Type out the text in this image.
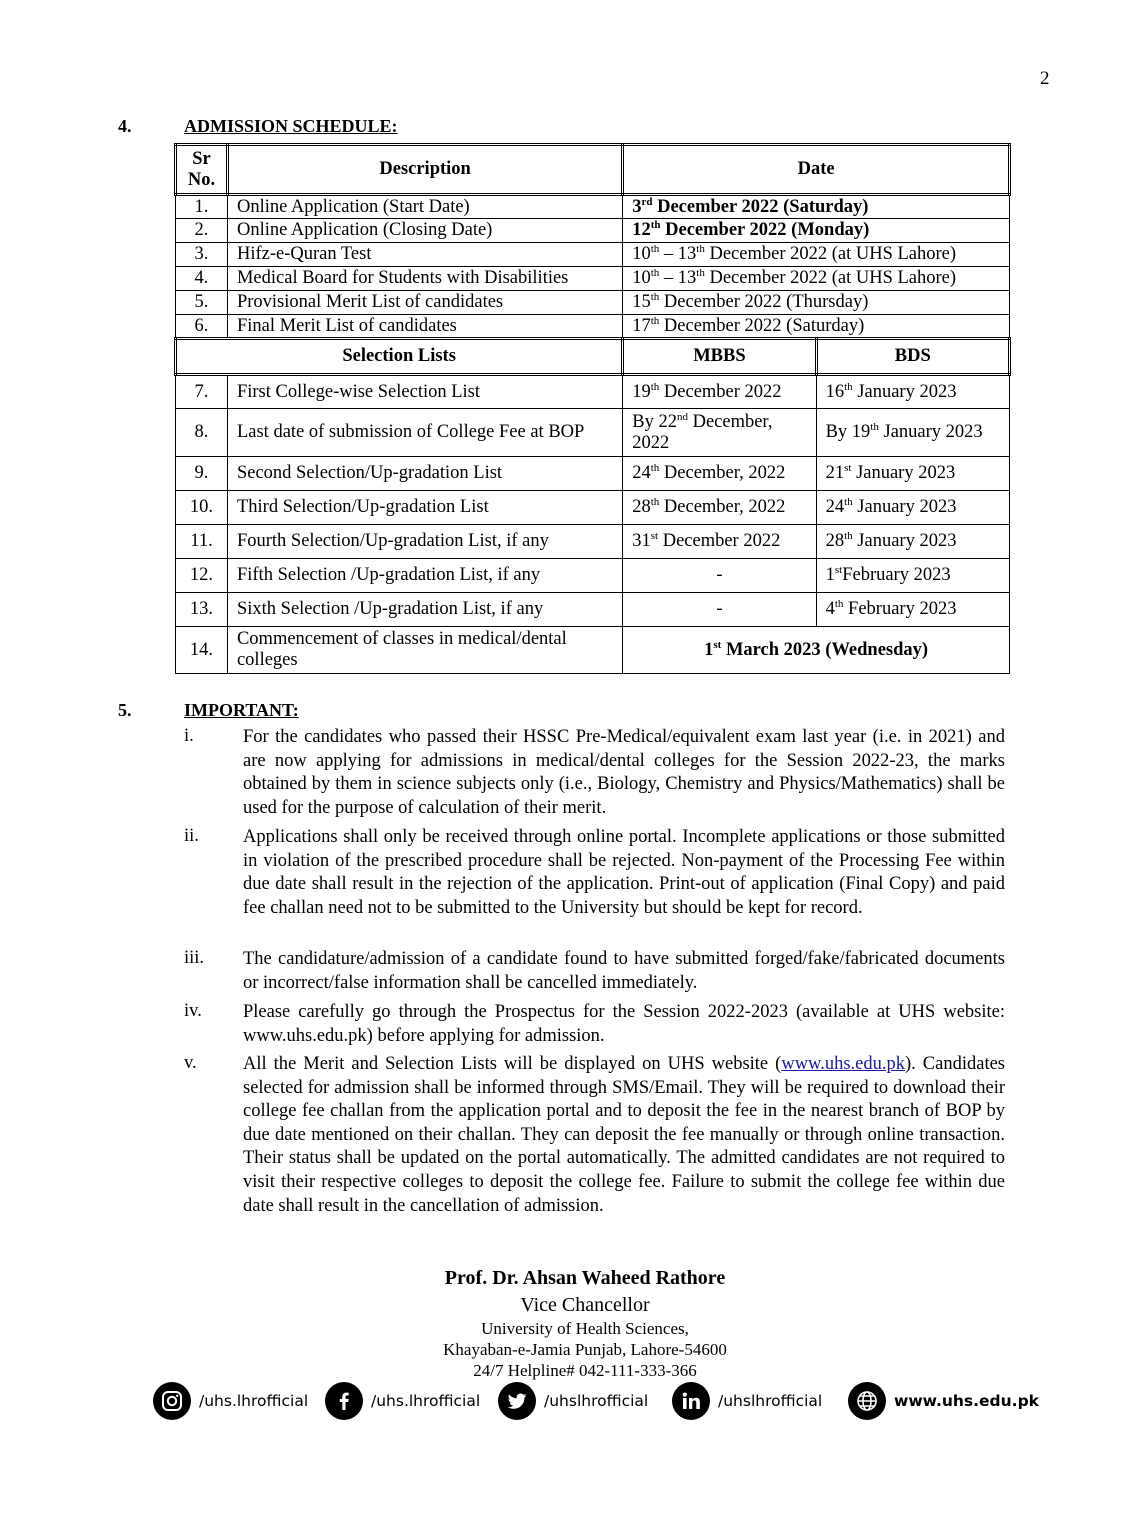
2
4.	ADMISSION SCHEDULE:
Sr No.	Description	Date	
1.	Online Application (Start Date)	3rd December 2022 (Saturday)	
2.	Online Application (Closing Date)	12th December 2022 (Monday)	
3.	Hifz-e-Quran Test	10th – 13th December 2022 (at UHS Lahore)	
4.	Medical Board for Students with Disabilities	10th – 13th December 2022 (at UHS Lahore)	
5.	Provisional Merit List of candidates	15th December 2022 (Thursday)	
6.	Final Merit List of candidates	17th December 2022 (Saturday)	
Selection Lists		MBBS	BDS
7.	First College-wise Selection List	19th December 2022	16th January 2023
8.	Last date of submission of College Fee at BOP	By 22nd December, 2022	By 19th January 2023
9.	Second Selection/Up-gradation List	24th December, 2022	21st January 2023
10.	Third Selection/Up-gradation List	28th December, 2022	24th January 2023
11.	Fourth Selection/Up-gradation List, if any	31st December 2022	28th January 2023
12.	Fifth Selection /Up-gradation List, if any	-	1stFebruary 2023
13.	Sixth Selection /Up-gradation List, if any	-	4th February 2023
14.	Commencement of classes in medical/dental colleges	1st March 2023 (Wednesday)	
5.	IMPORTANT:
i.	For the candidates who passed their HSSC Pre-Medical/equivalent exam last year (i.e. in 2021) and are now applying for admissions in medical/dental colleges for the Session 2022-23, the marks obtained by them in science subjects only (i.e., Biology, Chemistry and Physics/Mathematics) shall be used for the purpose of calculation of their merit.
ii. Applications shall only be received through online portal. Incomplete applications or those submitted in violation of the prescribed procedure shall be rejected. Non-payment of the Processing Fee within due date shall result in the rejection of the application. Print-out of application (Final Copy) and paid fee challan need not to be submitted to the University but should be kept for record.
iii. The candidature/admission of a candidate found to have submitted forged/fake/fabricated documents or incorrect/false information shall be cancelled immediately.
iv. Please carefully go through the Prospectus for the Session 2022-2023 (available at UHS website: www.uhs.edu.pk) before applying for admission.
v.	All the Merit and Selection Lists will be displayed on UHS website (www.uhs.edu.pk). Candidates selected for admission shall be informed through SMS/Email. They will be required to download their college fee challan from the application portal and to deposit the fee in the nearest branch of BOP by due date mentioned on their challan. They can deposit the fee manually or through online transaction. Their status shall be updated on the portal automatically. The admitted candidates are not required to visit their respective colleges to deposit the college fee. Failure to submit the college fee within due date shall result in the cancellation of admission.
Prof. Dr. Ahsan Waheed Rathore
Vice Chancellor
University of Health Sciences,
Khayaban-e-Jamia Punjab, Lahore-54600
24/7 Helpline# 042-111-333-366
/uhs.lhrofficial	/uhs.lhrofficial	/uhslhrofficial	/uhslhrofficial	www.uhs.edu.pk
